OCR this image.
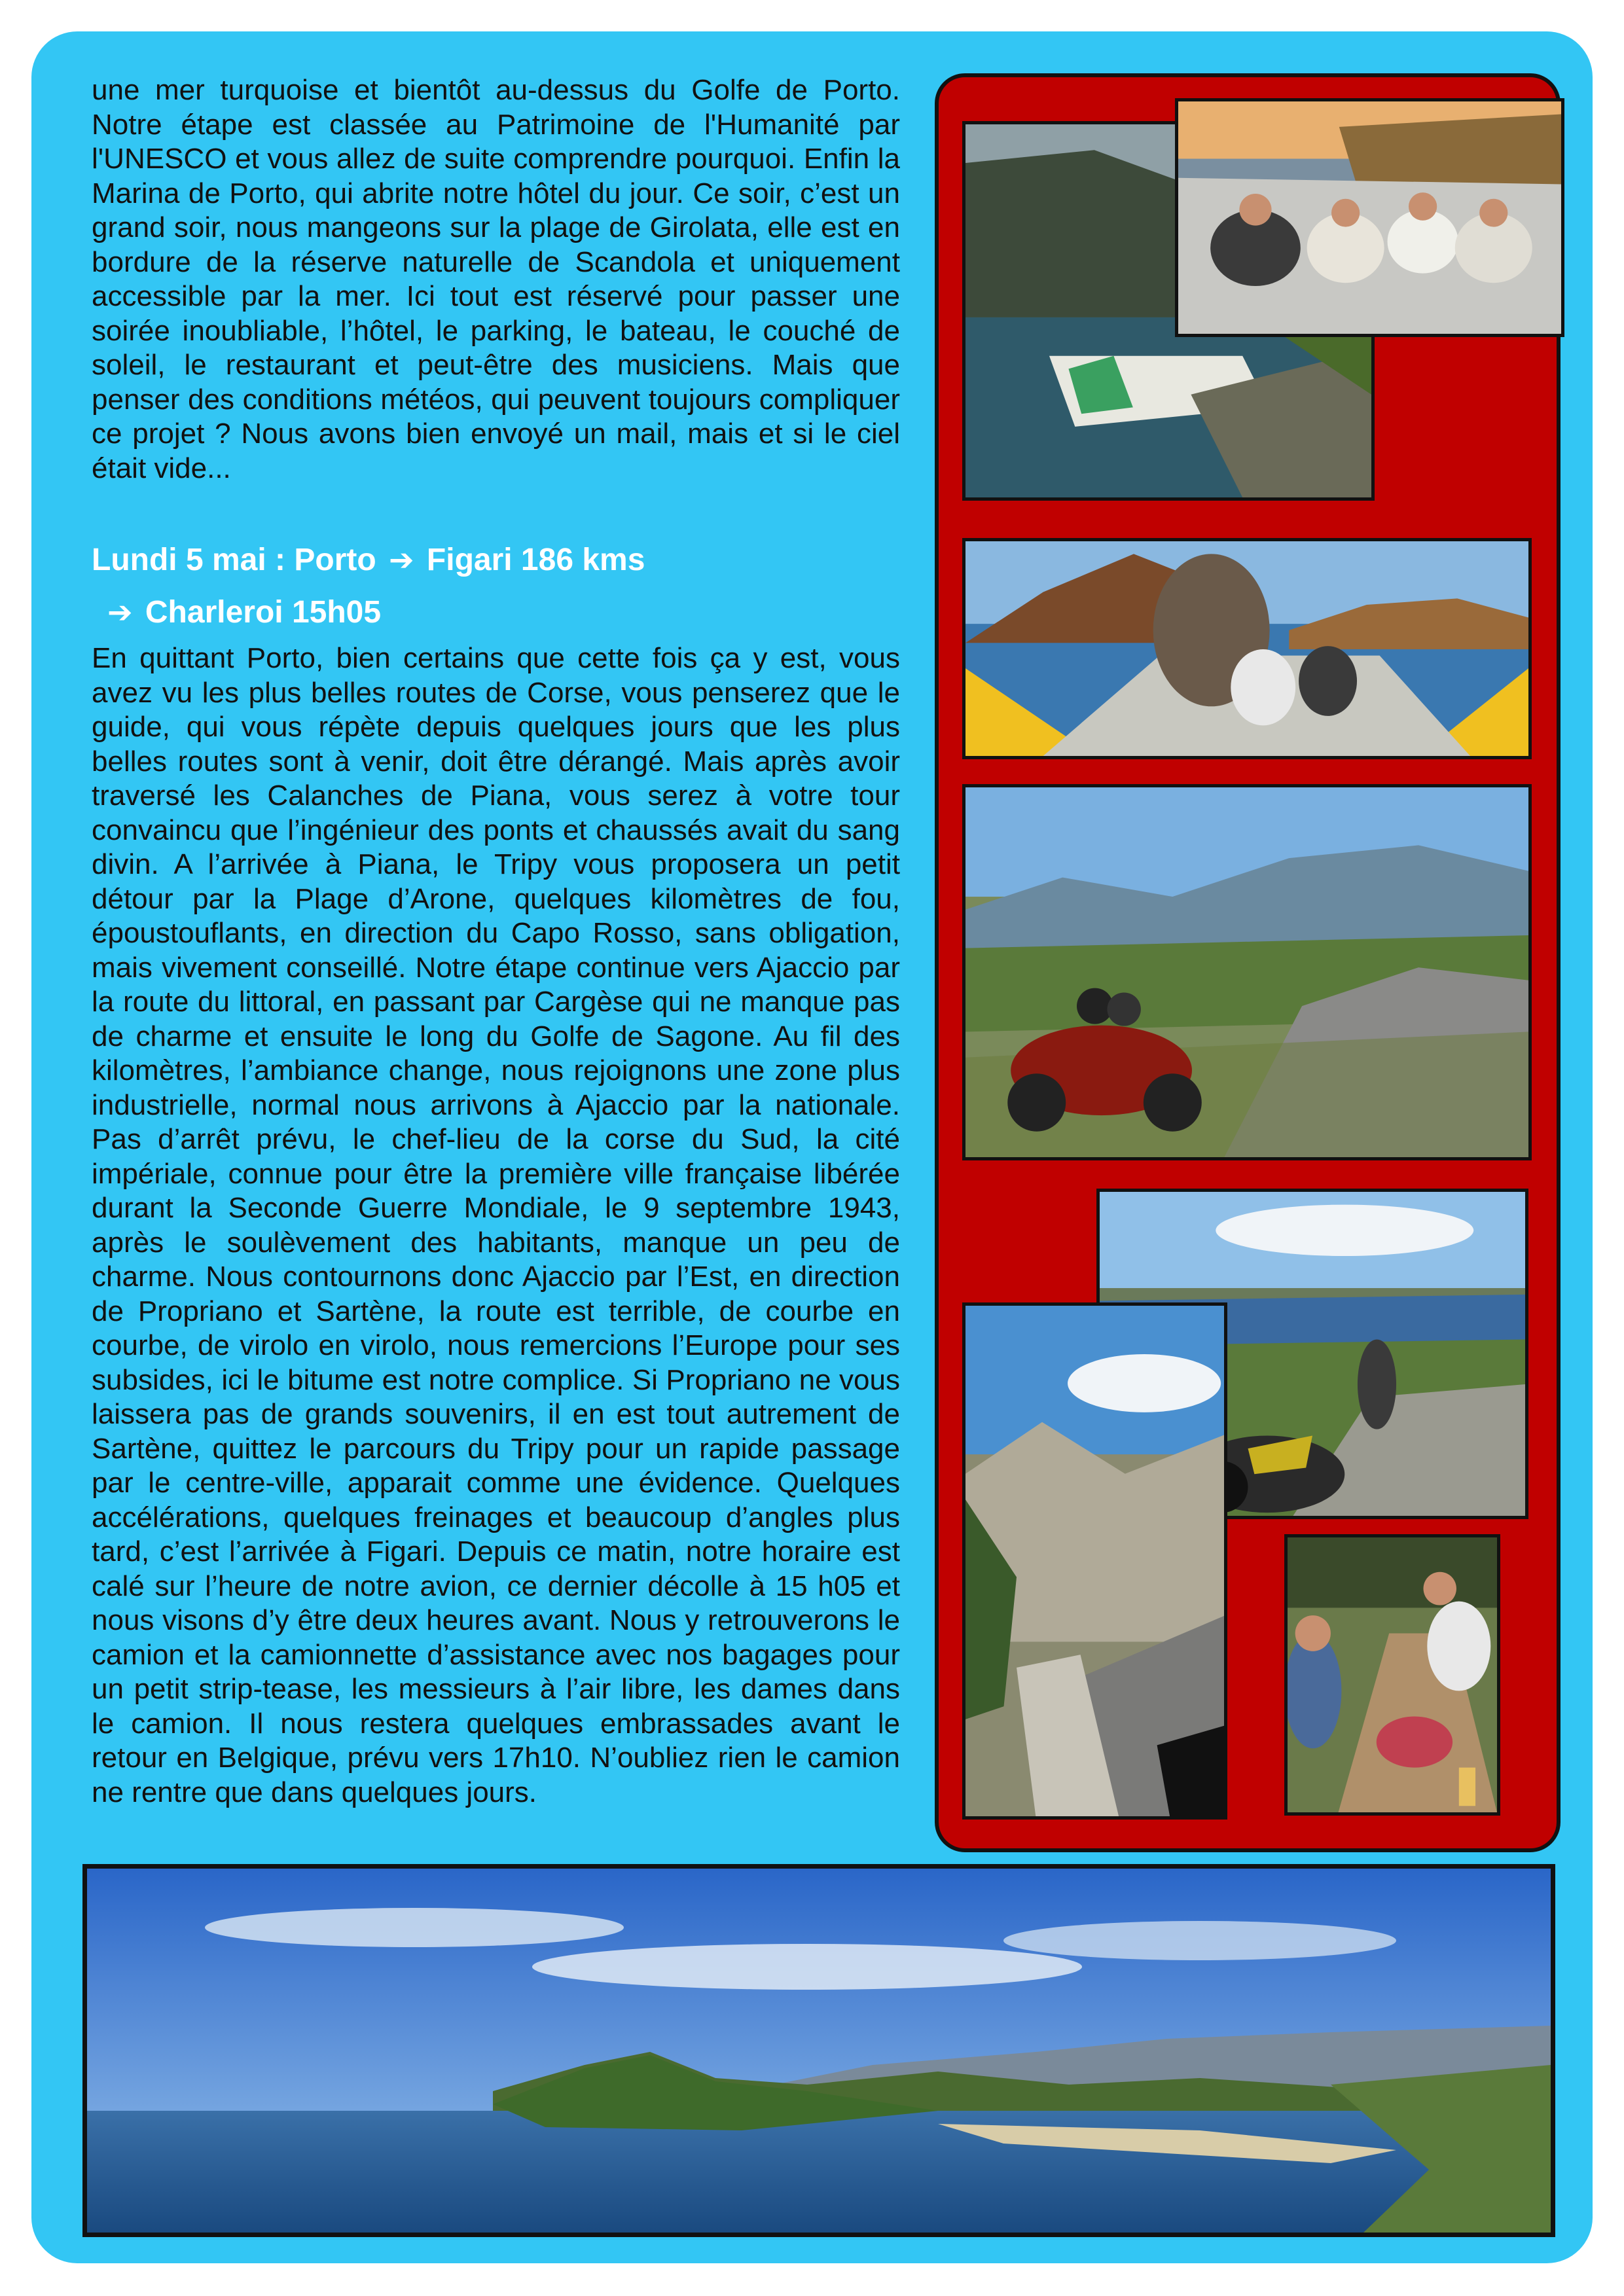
une mer turquoise et bientôt au-dessus du Golfe de Porto. Notre étape est classée au Patrimoine de l'Humanité par l'UNESCO et vous allez de suite comprendre pourquoi. Enfin la Marina de Porto, qui abrite notre hôtel du jour. Ce soir, c’est un grand soir, nous mangeons sur la plage de Girolata, elle est en bordure de la réserve naturelle de Scandola et uniquement accessible par la mer. Ici tout est réservé pour passer une soirée inoubliable, l’hôtel, le parking, le bateau, le couché de soleil, le restaurant et peut-être des musiciens. Mais que penser des conditions météos, qui peuvent toujours compliquer ce projet ? Nous avons bien envoyé un mail, mais et si le ciel était vide...

Lundi 5 mai : Porto ➔ Figari 186 kms
➔ Charleroi 15h05

En quittant Porto, bien certains que cette fois ça y est, vous avez vu les plus belles routes de Corse, vous penserez que le guide, qui vous répète depuis quelques jours que les plus belles routes sont à venir, doit être dérangé. Mais après avoir traversé les Calanches de Piana, vous serez à votre tour convaincu que l’ingénieur des ponts et chaussés avait du sang divin. A l’arrivée à Piana, le Tripy vous proposera un petit détour par la Plage d’Arone, quelques kilomètres de fou, époustouflants, en direction du Capo Rosso, sans obligation, mais vivement conseillé. Notre étape continue vers Ajaccio par la route du littoral, en passant par Cargèse qui ne manque pas de charme et ensuite le long du Golfe de Sagone. Au fil des kilomètres, l’ambiance change, nous rejoignons une zone plus industrielle, normal nous arrivons à Ajaccio par la nationale. Pas d’arrêt prévu, le chef-lieu de la corse du Sud, la cité impériale, connue pour être la première ville française libérée durant la Seconde Guerre Mondiale, le 9 septembre 1943, après le soulèvement des habitants, manque un peu de charme. Nous contournons donc Ajaccio par l’Est, en direction de Propriano et Sartène, la route est terrible, de courbe en courbe, de virolo en virolo, nous remercions l’Europe pour ses subsides, ici le bitume est notre complice. Si Propriano ne vous laissera pas de grands souvenirs, il en est tout autrement de Sartène, quittez le parcours du Tripy pour un rapide passage par le centre-ville, apparait comme une évidence. Quelques accélérations, quelques freinages et beaucoup d’angles plus tard, c’est l’arrivée à Figari. Depuis ce matin, notre horaire est calé sur l’heure de notre avion, ce dernier décolle à 15 h05 et nous visons d’y être deux heures avant. Nous y retrouverons le camion et la camionnette d’assistance avec nos bagages pour un petit strip-tease, les messieurs à l’air libre, les dames dans le camion. Il nous restera quelques embrassades avant le retour en Belgique, prévu vers 17h10. N’oubliez rien le camion ne rentre que dans quelques jours.
